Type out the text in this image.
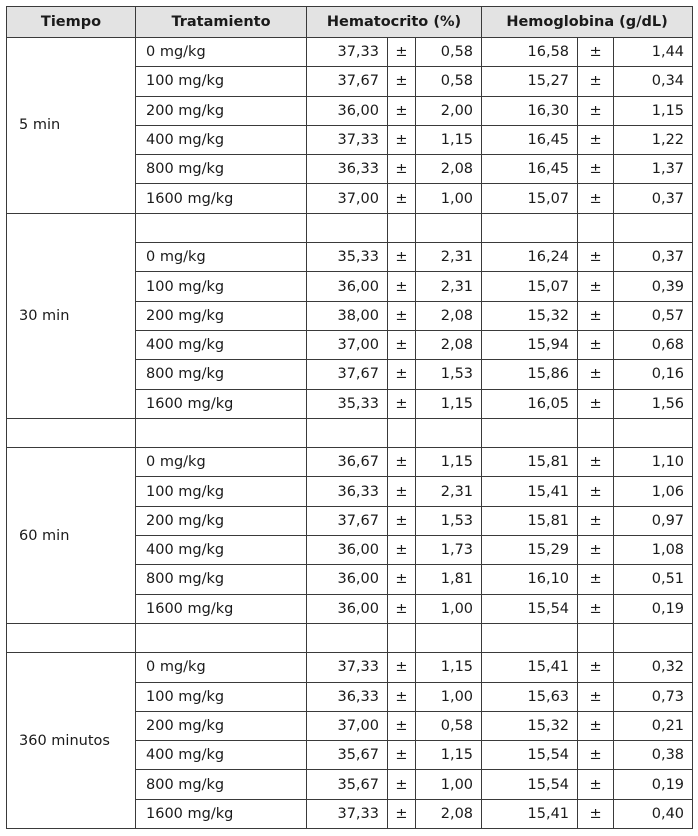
Tiempo	Tratamiento	Hematocrito (%)			Hemoglobina (g/dL)		
5 min	0 mg/kg	37,33	±	0,58	16,58	±	1,44
	100 mg/kg	37,67	±	0,58	15,27	±	0,34
	200 mg/kg	36,00	±	2,00	16,30	±	1,15
	400 mg/kg	37,33	±	1,15	16,45	±	1,22
	800 mg/kg	36,33	±	2,08	16,45	±	1,37
	1600 mg/kg	37,00	±	1,00	15,07	±	0,37
30 min							
	0 mg/kg	35,33	±	2,31	16,24	±	0,37
	100 mg/kg	36,00	±	2,31	15,07	±	0,39
	200 mg/kg	38,00	±	2,08	15,32	±	0,57
	400 mg/kg	37,00	±	2,08	15,94	±	0,68
	800 mg/kg	37,67	±	1,53	15,86	±	0,16
	1600 mg/kg	35,33	±	1,15	16,05	±	1,56

60 min	0 mg/kg	36,67	±	1,15	15,81	±	1,10
	100 mg/kg	36,33	±	2,31	15,41	±	1,06
	200 mg/kg	37,67	±	1,53	15,81	±	0,97
	400 mg/kg	36,00	±	1,73	15,29	±	1,08
	800 mg/kg	36,00	±	1,81	16,10	±	0,51
	1600 mg/kg	36,00	±	1,00	15,54	±	0,19

360 minutos	0 mg/kg	37,33	±	1,15	15,41	±	0,32
	100 mg/kg	36,33	±	1,00	15,63	±	0,73
	200 mg/kg	37,00	±	0,58	15,32	±	0,21
	400 mg/kg	35,67	±	1,15	15,54	±	0,38
	800 mg/kg	35,67	±	1,00	15,54	±	0,19
	1600 mg/kg	37,33	±	2,08	15,41	±	0,40
